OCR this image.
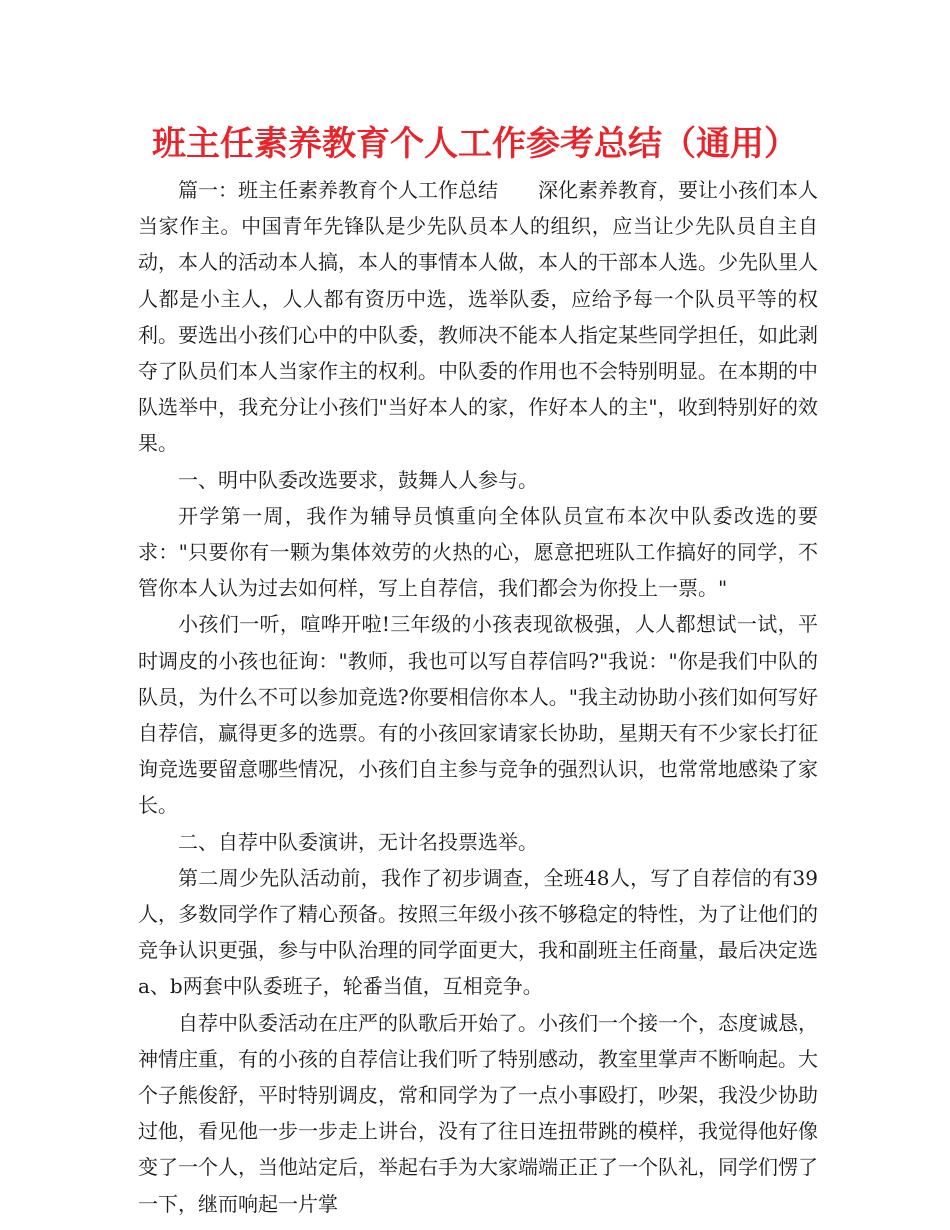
班主任素养教育个人工作参考总结（通用）

篇一：班主任素养教育个人工作总结　　深化素养教育，要让小孩们本人当家作主。中国青年先锋队是少先队员本人的组织，应当让少先队员自主自动，本人的活动本人搞，本人的事情本人做，本人的干部本人选。少先队里人人都是小主人，人人都有资历中选，选举队委，应给予每一个队员平等的权利。要选出小孩们心中的中队委，教师决不能本人指定某些同学担任，如此剥夺了队员们本人当家作主的权利。中队委的作用也不会特别明显。在本期的中队选举中，我充分让小孩们"当好本人的家，作好本人的主"，收到特别好的效果。

一、明中队委改选要求，鼓舞人人参与。

开学第一周，我作为辅导员慎重向全体队员宣布本次中队委改选的要求："只要你有一颗为集体效劳的火热的心，愿意把班队工作搞好的同学，不管你本人认为过去如何样，写上自荐信，我们都会为你投上一票。"

小孩们一听，喧哗开啦!三年级的小孩表现欲极强，人人都想试一试，平时调皮的小孩也征询："教师，我也可以写自荐信吗?"我说："你是我们中队的队员，为什么不可以参加竞选?你要相信你本人。"我主动协助小孩们如何写好自荐信，赢得更多的选票。有的小孩回家请家长协助，星期天有不少家长打征询竞选要留意哪些情况，小孩们自主参与竞争的强烈认识，也常常地感染了家长。

二、自荐中队委演讲，无计名投票选举。

第二周少先队活动前，我作了初步调查，全班48人，写了自荐信的有39人，多数同学作了精心预备。按照三年级小孩不够稳定的特性，为了让他们的竞争认识更强，参与中队治理的同学面更大，我和副班主任商量，最后决定选a、b两套中队委班子，轮番当值，互相竞争。

自荐中队委活动在庄严的队歌后开始了。小孩们一个接一个，态度诚恳，神情庄重，有的小孩的自荐信让我们听了特别感动，教室里掌声不断响起。大个子熊俊舒，平时特别调皮，常和同学为了一点小事殴打，吵架，我没少协助过他，看见他一步一步走上讲台，没有了往日连扭带跳的模样，我觉得他好像变了一个人，当他站定后，举起右手为大家端端正正了一个队礼，同学们愣了一下，继而响起一片掌
